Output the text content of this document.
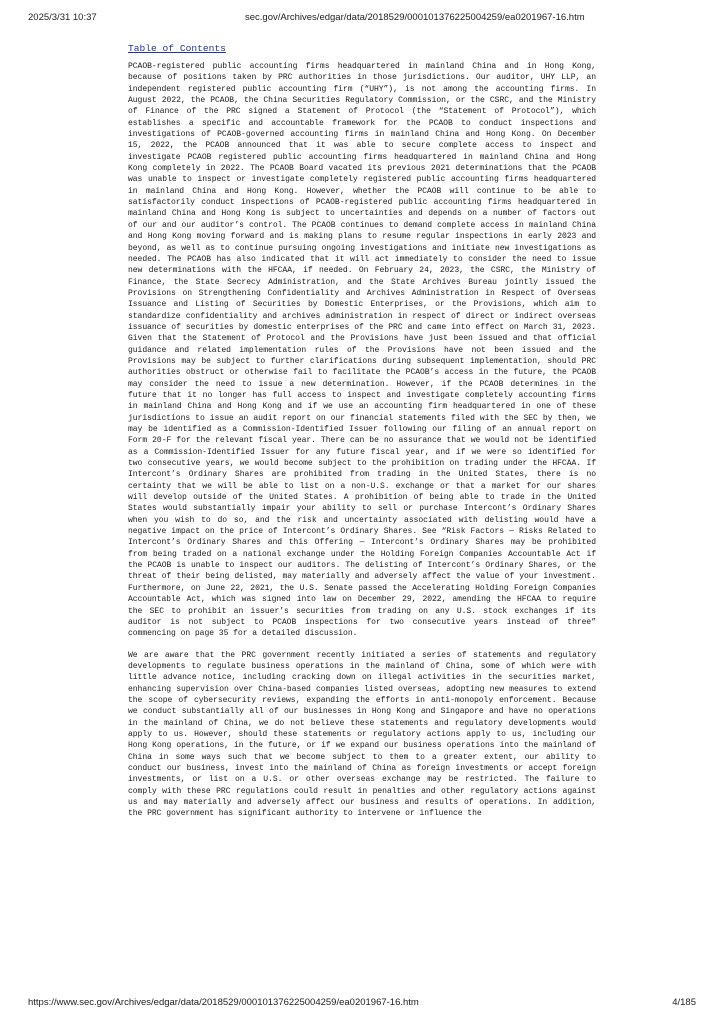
2025/3/31 10:37	sec.gov/Archives/edgar/data/2018529/000101376225004259/ea0201967-16.htm
Table of Contents

PCAOB-registered public accounting firms headquartered in mainland China and in Hong Kong, because of positions taken by PRC authorities in those jurisdictions. Our auditor, UHY LLP, an independent registered public accounting firm (“UHY”), is not among the accounting firms. In August 2022, the PCAOB, the China Securities Regulatory Commission, or the CSRC, and the Ministry of Finance of the PRC signed a Statement of Protocol (the “Statement of Protocol”), which establishes a specific and accountable framework for the PCAOB to conduct inspections and investigations of PCAOB-governed accounting firms in mainland China and Hong Kong. On December 15, 2022, the PCAOB announced that it was able to secure complete access to inspect and investigate PCAOB registered public accounting firms headquartered in mainland China and Hong Kong completely in 2022. The PCAOB Board vacated its previous 2021 determinations that the PCAOB was unable to inspect or investigate completely registered public accounting firms headquartered in mainland China and Hong Kong. However, whether the PCAOB will continue to be able to satisfactorily conduct inspections of PCAOB-registered public accounting firms headquartered in mainland China and Hong Kong is subject to uncertainties and depends on a number of factors out of our and our auditor’s control. The PCAOB continues to demand complete access in mainland China and Hong Kong moving forward and is making plans to resume regular inspections in early 2023 and beyond, as well as to continue pursuing ongoing investigations and initiate new investigations as needed. The PCAOB has also indicated that it will act immediately to consider the need to issue new determinations with the HFCAA, if needed. On February 24, 2023, the CSRC, the Ministry of Finance, the State Secrecy Administration, and the State Archives Bureau jointly issued the Provisions on Strengthening Confidentiality and Archives Administration in Respect of Overseas Issuance and Listing of Securities by Domestic Enterprises, or the Provisions, which aim to standardize confidentiality and archives administration in respect of direct or indirect overseas issuance of securities by domestic enterprises of the PRC and came into effect on March 31, 2023. Given that the Statement of Protocol and the Provisions have just been issued and that official guidance and related implementation rules of the Provisions have not been issued and the Provisions may be subject to further clarifications during subsequent implementation, should PRC authorities obstruct or otherwise fail to facilitate the PCAOB’s access in the future, the PCAOB may consider the need to issue a new determination. However, if the PCAOB determines in the future that it no longer has full access to inspect and investigate completely accounting firms in mainland China and Hong Kong and if we use an accounting firm headquartered in one of these jurisdictions to issue an audit report on our financial statements filed with the SEC by then, we may be identified as a Commission-Identified Issuer following our filing of an annual report on Form 20-F for the relevant fiscal year. There can be no assurance that we would not be identified as a Commission-Identified Issuer for any future fiscal year, and if we were so identified for two consecutive years, we would become subject to the prohibition on trading under the HFCAA. If Intercont’s Ordinary Shares are prohibited from trading in the United States, there is no certainty that we will be able to list on a non-U.S. exchange or that a market for our shares will develop outside of the United States. A prohibition of being able to trade in the United States would substantially impair your ability to sell or purchase Intercont’s Ordinary Shares when you wish to do so, and the risk and uncertainty associated with delisting would have a negative impact on the price of Intercont’s Ordinary Shares. See “Risk Factors — Risks Related to Intercont’s Ordinary Shares and this Offering — Intercont’s Ordinary Shares may be prohibited from being traded on a national exchange under the Holding Foreign Companies Accountable Act if the PCAOB is unable to inspect our auditors. The delisting of Intercont’s Ordinary Shares, or the threat of their being delisted, may materially and adversely affect the value of your investment. Furthermore, on June 22, 2021, the U.S. Senate passed the Accelerating Holding Foreign Companies Accountable Act, which was signed into law on December 29, 2022, amending the HFCAA to require the SEC to prohibit an issuer’s securities from trading on any U.S. stock exchanges if its auditor is not subject to PCAOB inspections for two consecutive years instead of three” commencing on page 35 for a detailed discussion.

We are aware that the PRC government recently initiated a series of statements and regulatory developments to regulate business operations in the mainland of China, some of which were with little advance notice, including cracking down on illegal activities in the securities market, enhancing supervision over China-based companies listed overseas, adopting new measures to extend the scope of cybersecurity reviews, expanding the efforts in anti-monopoly enforcement. Because we conduct substantially all of our businesses in Hong Kong and Singapore and have no operations in the mainland of China, we do not believe these statements and regulatory developments would apply to us. However, should these statements or regulatory actions apply to us, including our Hong Kong operations, in the future, or if we expand our business operations into the mainland of China in some ways such that we become subject to them to a greater extent, our ability to conduct our business, invest into the mainland of China as foreign investments or accept foreign investments, or list on a U.S. or other overseas exchange may be restricted. The failure to comply with these PRC regulations could result in penalties and other regulatory actions against us and may materially and adversely affect our business and results of operations. In addition, the PRC government has significant authority to intervene or influence the

https://www.sec.gov/Archives/edgar/data/2018529/000101376225004259/ea0201967-16.htm	4/185
